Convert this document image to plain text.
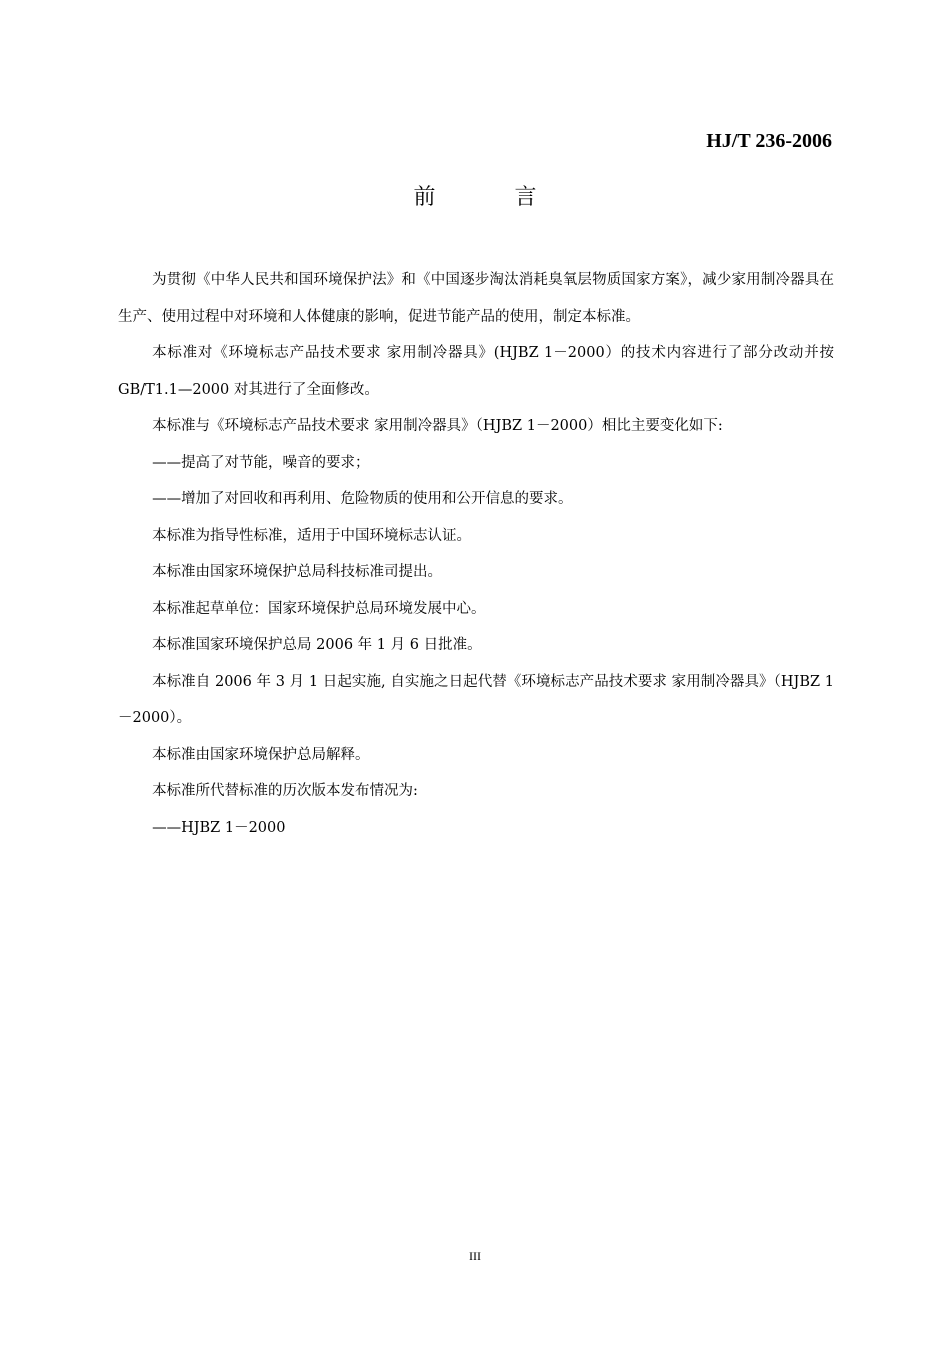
HJ/T 236-2006
前 言

为贯彻《中华人民共和国环境保护法》和《中国逐步淘汰消耗臭氧层物质国家方案》，减少家用制冷器具在生产、使用过程中对环境和人体健康的影响，促进节能产品的使用，制定本标准。

本标准对《环境标志产品技术要求 家用制冷器具》(HJBZ 1－2000）的技术内容进行了部分改动并按 GB/T1.1—2000 对其进行了全面修改。

本标准与《环境标志产品技术要求 家用制冷器具》（HJBZ 1－2000）相比主要变化如下:

——提高了对节能，噪音的要求；

——增加了对回收和再利用、危险物质的使用和公开信息的要求。

本标准为指导性标准，适用于中国环境标志认证。

本标准由国家环境保护总局科技标准司提出。

本标准起草单位：国家环境保护总局环境发展中心。

本标准国家环境保护总局 2006 年 1 月 6 日批准。

本标准自 2006 年 3 月 1 日起实施, 自实施之日起代替《环境标志产品技术要求 家用制冷器具》（HJBZ 1－2000）。

本标准由国家环境保护总局解释。

本标准所代替标准的历次版本发布情况为:

——HJBZ 1－2000

III
